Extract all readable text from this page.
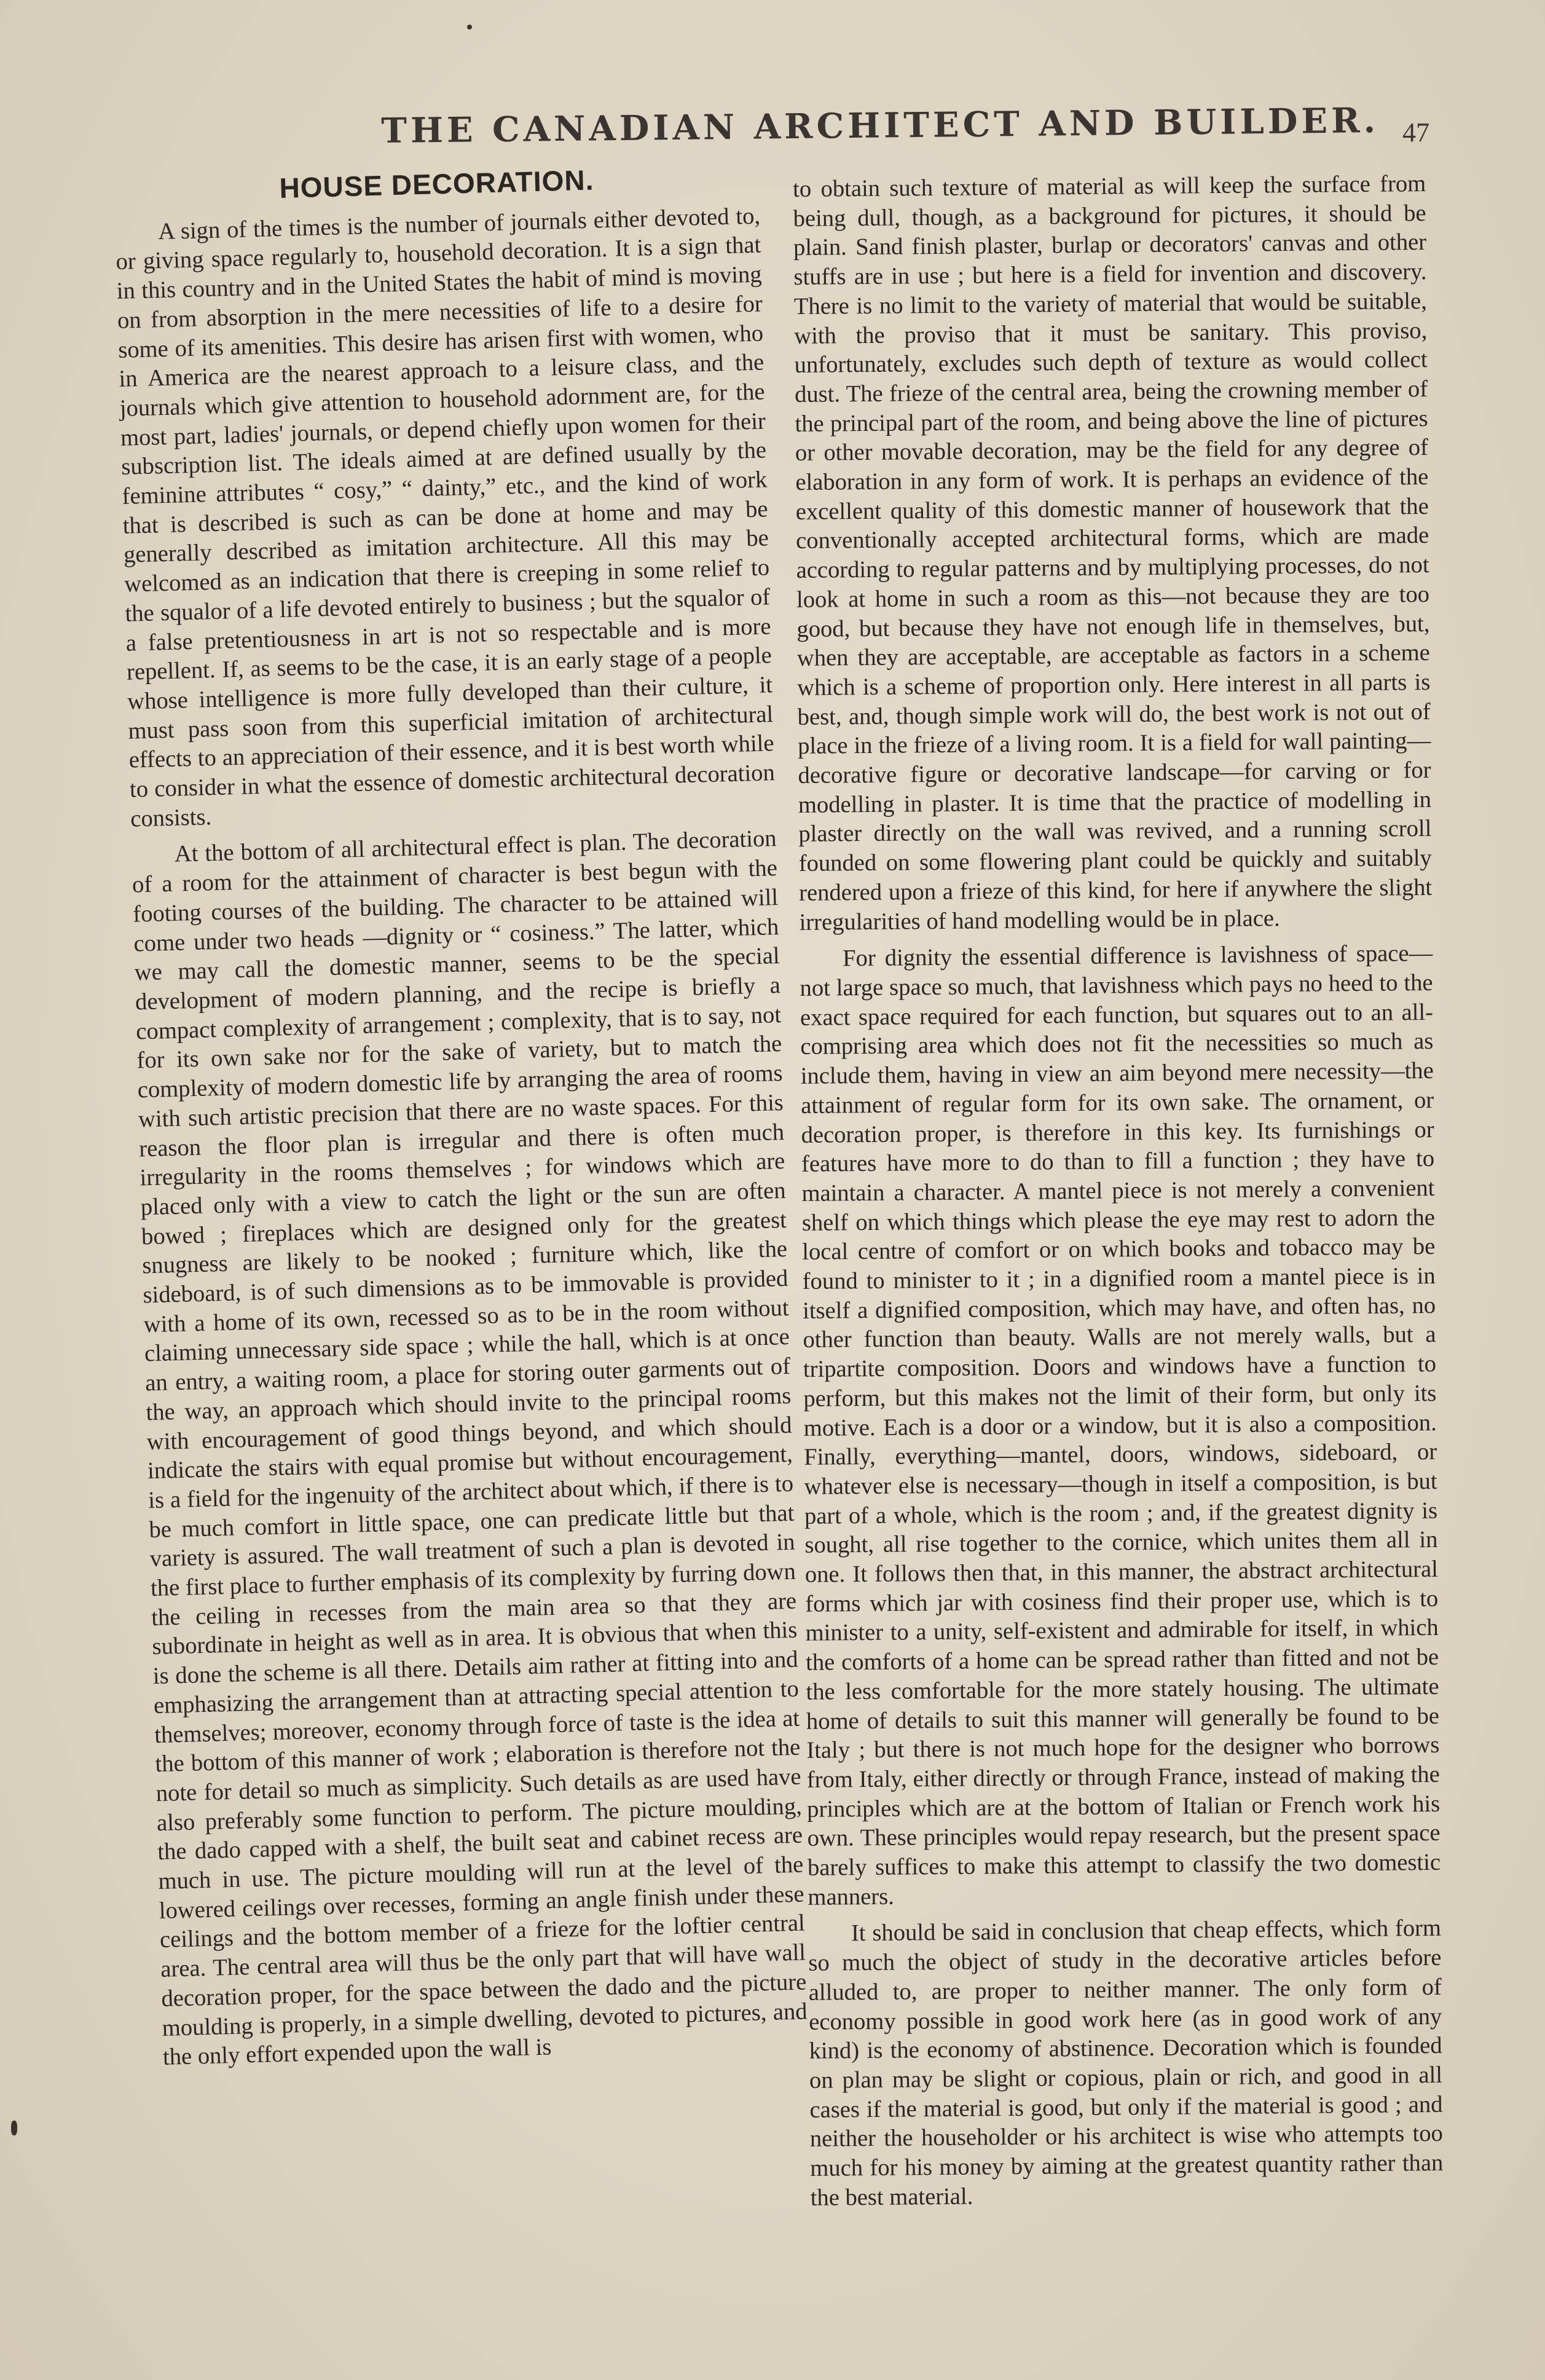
THE CANADIAN ARCHITECT AND BUILDER. 47
HOUSE DECORATION.

A sign of the times is the number of journals either devoted to, or giving space regularly to, household decoration. It is a sign that in this country and in the United States the habit of mind is moving on from absorption in the mere necessities of life to a desire for some of its amenities. This desire has arisen first with women, who in America are the nearest approach to a leisure class, and the journals which give attention to household adornment are, for the most part, ladies' journals, or depend chiefly upon women for their subscription list. The ideals aimed at are defined usually by the feminine attributes “ cosy,” “ dainty,” etc., and the kind of work that is described is such as can be done at home and may be generally described as imitation architecture. All this may be welcomed as an indication that there is creeping in some relief to the squalor of a life devoted entirely to business ; but the squalor of a false pretentiousness in art is not so respectable and is more repellent. If, as seems to be the case, it is an early stage of a people whose intelligence is more fully developed than their culture, it must pass soon from this superficial imitation of architectural effects to an appreciation of their essence, and it is best worth while to consider in what the essence of domestic architectural decoration consists.

At the bottom of all architectural effect is plan. The decoration of a room for the attainment of character is best begun with the footing courses of the building. The character to be attained will come under two heads —dignity or “ cosiness.” The latter, which we may call the domestic manner, seems to be the special development of modern planning, and the recipe is briefly a compact complexity of arrangement ; complexity, that is to say, not for its own sake nor for the sake of variety, but to match the complexity of modern domestic life by arranging the area of rooms with such artistic precision that there are no waste spaces. For this reason the floor plan is irregular and there is often much irregularity in the rooms themselves ; for windows which are placed only with a view to catch the light or the sun are often bowed ; fireplaces which are designed only for the greatest snugness are likely to be nooked ; furniture which, like the sideboard, is of such dimensions as to be immovable is provided with a home of its own, recessed so as to be in the room without claiming unnecessary side space ; while the hall, which is at once an entry, a waiting room, a place for storing outer garments out of the way, an approach which should invite to the principal rooms with encouragement of good things beyond, and which should indicate the stairs with equal promise but without encouragement, is a field for the ingenuity of the architect about which, if there is to be much comfort in little space, one can predicate little but that variety is assured. The wall treatment of such a plan is devoted in the first place to further emphasis of its complexity by furring down the ceiling in recesses from the main area so that they are subordinate in height as well as in area. It is obvious that when this is done the scheme is all there. Details aim rather at fitting into and emphasizing the arrangement than at attracting special attention to themselves; moreover, economy through force of taste is the idea at the bottom of this manner of work ; elaboration is therefore not the note for detail so much as simplicity. Such details as are used have also preferably some function to perform. The picture moulding, the dado capped with a shelf, the built seat and cabinet recess are much in use. The picture moulding will run at the level of the lowered ceilings over recesses, forming an angle finish under these ceilings and the bottom member of a frieze for the loftier central area. The central area will thus be the only part that will have wall decoration proper, for the space between the dado and the picture moulding is properly, in a simple dwelling, devoted to pictures, and the only effort expended upon the wall is

to obtain such texture of material as will keep the surface from being dull, though, as a background for pictures, it should be plain. Sand finish plaster, burlap or decorators' canvas and other stuffs are in use ; but here is a field for invention and discovery. There is no limit to the variety of material that would be suitable, with the proviso that it must be sanitary. This proviso, unfortunately, excludes such depth of texture as would collect dust. The frieze of the central area, being the crowning member of the principal part of the room, and being above the line of pictures or other movable decoration, may be the field for any degree of elaboration in any form of work. It is perhaps an evidence of the excellent quality of this domestic manner of housework that the conventionally accepted architectural forms, which are made according to regular patterns and by multiplying processes, do not look at home in such a room as this—not because they are too good, but because they have not enough life in themselves, but, when they are acceptable, are acceptable as factors in a scheme which is a scheme of proportion only. Here interest in all parts is best, and, though simple work will do, the best work is not out of place in the frieze of a living room. It is a field for wall painting—decorative figure or decorative landscape—for carving or for modelling in plaster. It is time that the practice of modelling in plaster directly on the wall was revived, and a running scroll founded on some flowering plant could be quickly and suitably rendered upon a frieze of this kind, for here if anywhere the slight irregularities of hand modelling would be in place.

For dignity the essential difference is lavishness of space—not large space so much, that lavishness which pays no heed to the exact space required for each function, but squares out to an all-comprising area which does not fit the necessities so much as include them, having in view an aim beyond mere necessity—the attainment of regular form for its own sake. The ornament, or decoration proper, is therefore in this key. Its furnishings or features have more to do than to fill a function ; they have to maintain a character. A mantel piece is not merely a convenient shelf on which things which please the eye may rest to adorn the local centre of comfort or on which books and tobacco may be found to minister to it ; in a dignified room a mantel piece is in itself a dignified composition, which may have, and often has, no other function than beauty. Walls are not merely walls, but a tripartite composition. Doors and windows have a function to perform, but this makes not the limit of their form, but only its motive. Each is a door or a window, but it is also a composition. Finally, everything—mantel, doors, windows, sideboard, or whatever else is necessary—though in itself a composition, is but part of a whole, which is the room ; and, if the greatest dignity is sought, all rise together to the cornice, which unites them all in one. It follows then that, in this manner, the abstract architectural forms which jar with cosiness find their proper use, which is to minister to a unity, self-existent and admirable for itself, in which the comforts of a home can be spread rather than fitted and not be the less comfortable for the more stately housing. The ultimate home of details to suit this manner will generally be found to be Italy ; but there is not much hope for the designer who borrows from Italy, either directly or through France, instead of making the principles which are at the bottom of Italian or French work his own. These principles would repay research, but the present space barely suffices to make this attempt to classify the two domestic manners.

It should be said in conclusion that cheap effects, which form so much the object of study in the decorative articles before alluded to, are proper to neither manner. The only form of economy possible in good work here (as in good work of any kind) is the economy of abstinence. Decoration which is founded on plan may be slight or copious, plain or rich, and good in all cases if the material is good, but only if the material is good ; and neither the householder or his architect is wise who attempts too much for his money by aiming at the greatest quantity rather than the best material.
